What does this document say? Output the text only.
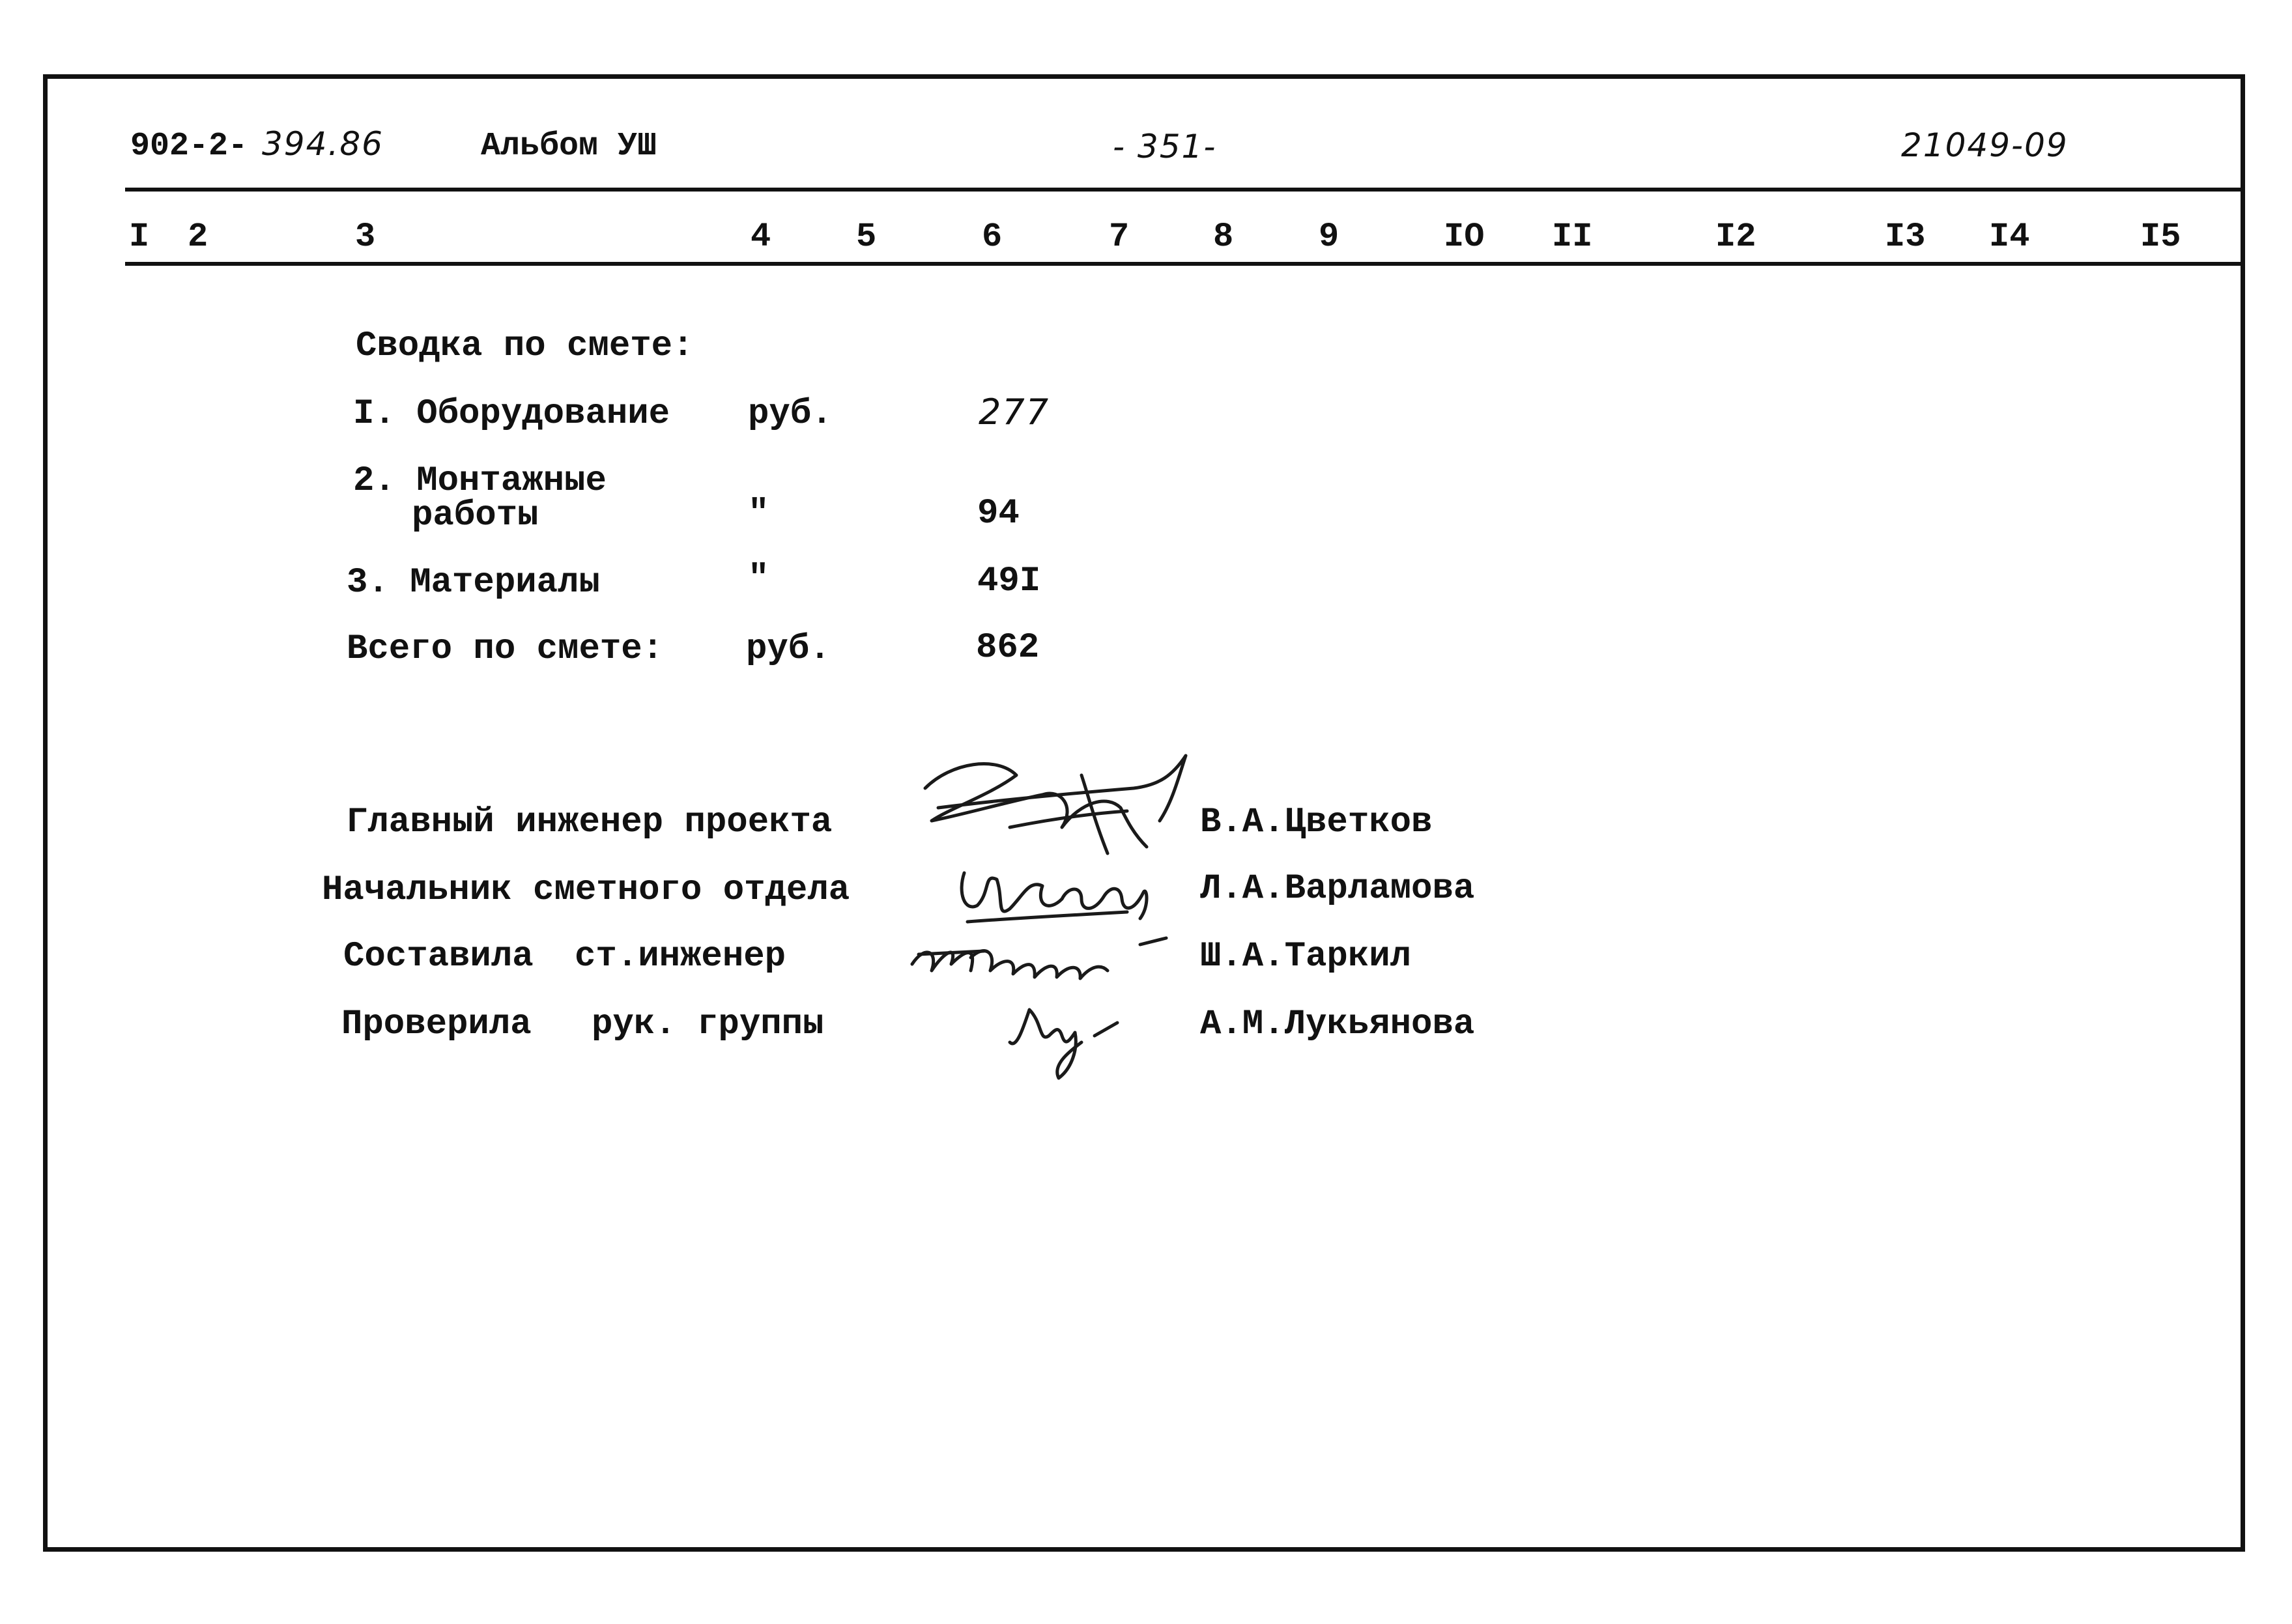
902-2- 394.86	Альбом УШ	- 351-	21049-09
I 2	3	4	5	6	7 8	9	IO II	I2	I3 I4	I5
Сводка по смете:
I. Оборудование руб.	277
2. Монтажные
работы	"	94
3. Материалы	"	49I
Всего по смете: руб.	862
Главный инженер проекта	В.А.Цветков
Начальник сметного отдела	Л.А.Варламова
Составила ст.инженер	Ш.А.Таркил
Проверила рук. группы	А.М.Лукьянова
